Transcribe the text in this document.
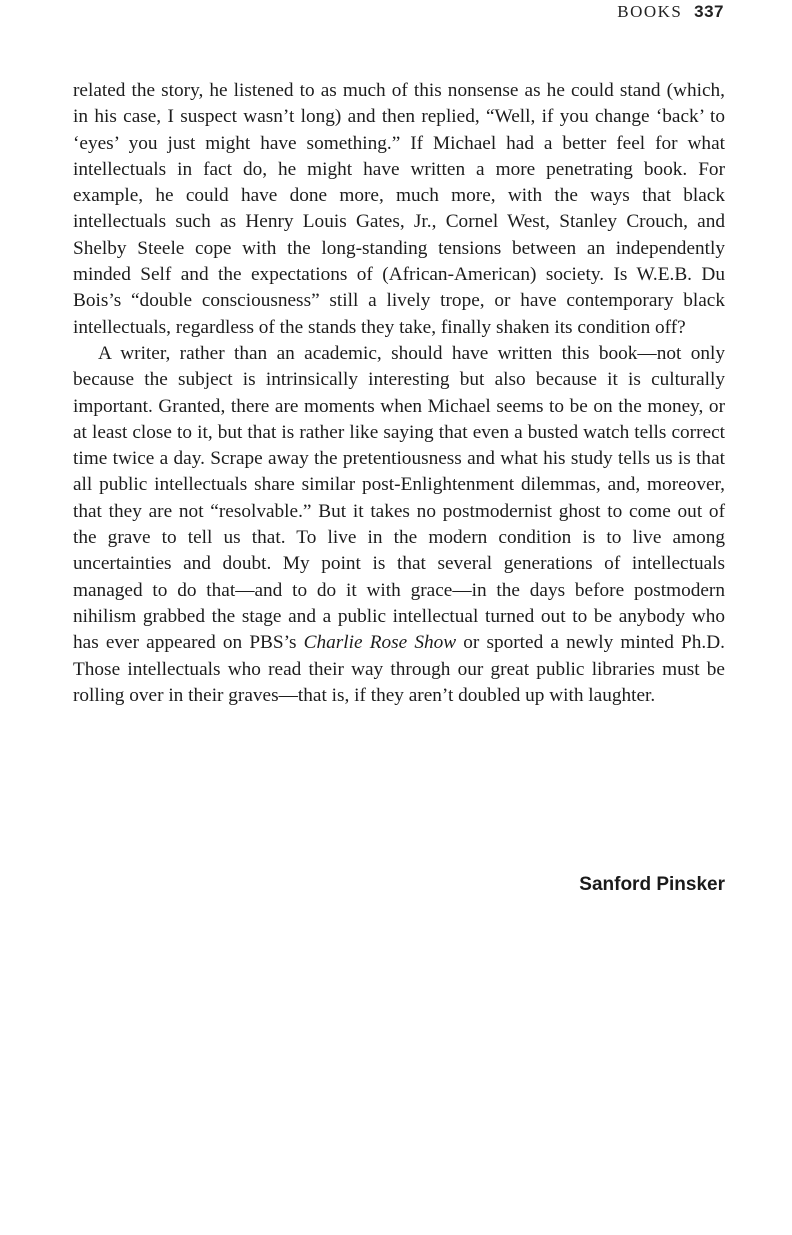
BOOKS 337

related the story, he listened to as much of this nonsense as he could stand (which, in his case, I suspect wasn’t long) and then replied, “Well, if you change ‘back’ to ‘eyes’ you just might have something.” If Michael had a better feel for what intellectuals in fact do, he might have written a more penetrating book. For example, he could have done more, much more, with the ways that black intellectuals such as Henry Louis Gates, Jr., Cornel West, Stanley Crouch, and Shelby Steele cope with the long-standing tensions between an independently minded Self and the expectations of (African-American) society. Is W.E.B. Du Bois’s “double consciousness” still a lively trope, or have contemporary black intellectuals, regardless of the stands they take, finally shaken its condition off?

A writer, rather than an academic, should have written this book—not only because the subject is intrinsically interesting but also because it is culturally important. Granted, there are moments when Michael seems to be on the money, or at least close to it, but that is rather like saying that even a busted watch tells correct time twice a day. Scrape away the pretentiousness and what his study tells us is that all public intellectuals share similar post-Enlightenment dilemmas, and, moreover, that they are not “resolvable.” But it takes no postmodernist ghost to come out of the grave to tell us that. To live in the modern condition is to live among uncertainties and doubt. My point is that several generations of intellectuals managed to do that—and to do it with grace—in the days before postmodern nihilism grabbed the stage and a public intellectual turned out to be anybody who has ever appeared on PBS’s Charlie Rose Show or sported a newly minted Ph.D. Those intellectuals who read their way through our great public libraries must be rolling over in their graves—that is, if they aren’t doubled up with laughter.

Sanford Pinsker
